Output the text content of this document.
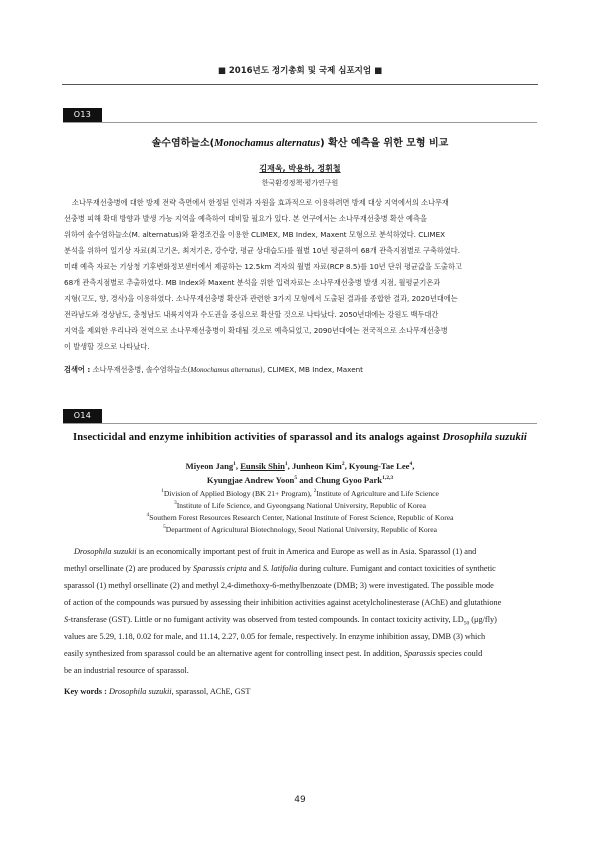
■ 2016년도 정기총회 및 국제 심포지엄 ■
O13
솔수염하늘소(Monochamus alternatus) 확산 예측을 위한 모형 비교
김재욱, 박용하, 정휘철
한국환경정책·평가연구원
소나무재선충병에 대한 방제 전략 측면에서 한정된 인력과 자원을 효과적으로 이용하려면 방제 대상 지역에서의 소나무재
선충병 피해 확대 방향과 발생 가능 지역을 예측하여 대비할 필요가 있다. 본 연구에서는 소나무재선충병 확산 예측을
위하여 솔수염하늘소(M. alternatus)와 환경조건을 이용한 CLIMEX, MB Index, Maxent 모형으로 분석하였다. CLIMEX
분석을 위하여 일기상 자료(최고기온, 최저기온, 강수량, 평균 상대습도)를 월별 10년 평균하여 68개 관측지점별로 구축하였다.
미래 예측 자료는 기상청 기후변화정보센터에서 제공하는 12.5km 격자의 월별 자료(RCP 8.5)를 10년 단위 평균값을 도출하고
68개 관측지점별로 추출하였다. MB Index와 Maxent 분석을 위한 입력자료는 소나무재선충병 발생 지점, 월평균기온과
지형(고도, 향, 경사)을 이용하였다. 소나무재선충병 확산과 관련한 3가지 모형에서 도출된 결과를 종합한 결과, 2020년대에는
전라남도와 경상남도, 충청남도 내륙지역과 수도권을 중심으로 확산할 것으로 나타났다. 2050년대에는 강원도 백두대간
지역을 제외한 우리나라 전역으로 소나무재선충병이 확대될 것으로 예측되었고, 2090년대에는 전국적으로 소나무재선충병
이 발생할 것으로 나타났다.
검색어 : 소나무재선충병, 솔수염하늘소(Monochamus alternatus), CLIMEX, MB Index, Maxent
O14
Insecticidal and enzyme inhibition activities of sparassol and its analogs against Drosophila suzukii
Miyeon Jang$^1$, Eunsik Shin$^1$, Junheon Kim$^2$, Kyoung-Tae Lee$^4$,
Kyungjae Andrew Yoon$^5$ and Chung Gyoo Park$^{1,2,3}$
$^1$Division of Applied Biology (BK 21+ Program), $^2$Institute of Agriculture and Life Science
$^3$Institute of Life Science, and Gyeongsang National University, Republic of Korea
$^4$Southern Forest Resources Research Center, National Institute of Forest Science, Republic of Korea
$^5$Department of Agricultural Biotechnology, Seoul National University, Republic of Korea
Drosophila suzukii is an economically important pest of fruit in America and Europe as well as in Asia. Sparassol (1) and
methyl orsellinate (2) are produced by Sparassis cripta and S. latifolia during culture. Fumigant and contact toxicities of synthetic
sparassol (1) methyl orsellinate (2) and methyl 2,4-dimethoxy-6-methylbenzoate (DMB; 3) were investigated. The possible mode
of action of the compounds was pursued by assessing their inhibition activities against acetylcholinesterase (AChE) and glutathione
S-transferase (GST). Little or no fumigant activity was observed from tested compounds. In contact toxicity activity, $LD_{50}$ (μg/fly)
values are 5.29, 1.18, 0.02 for male, and 11.14, 2.27, 0.05 for female, respectively. In enzyme inhibition assay, DMB (3) which
easily synthesized from sparassol could be an alternative agent for controlling insect pest. In addition, Sparassis species could
be an industrial resource of sparassol.
Key words : Drosophila suzukii, sparassol, AChE, GST
49
